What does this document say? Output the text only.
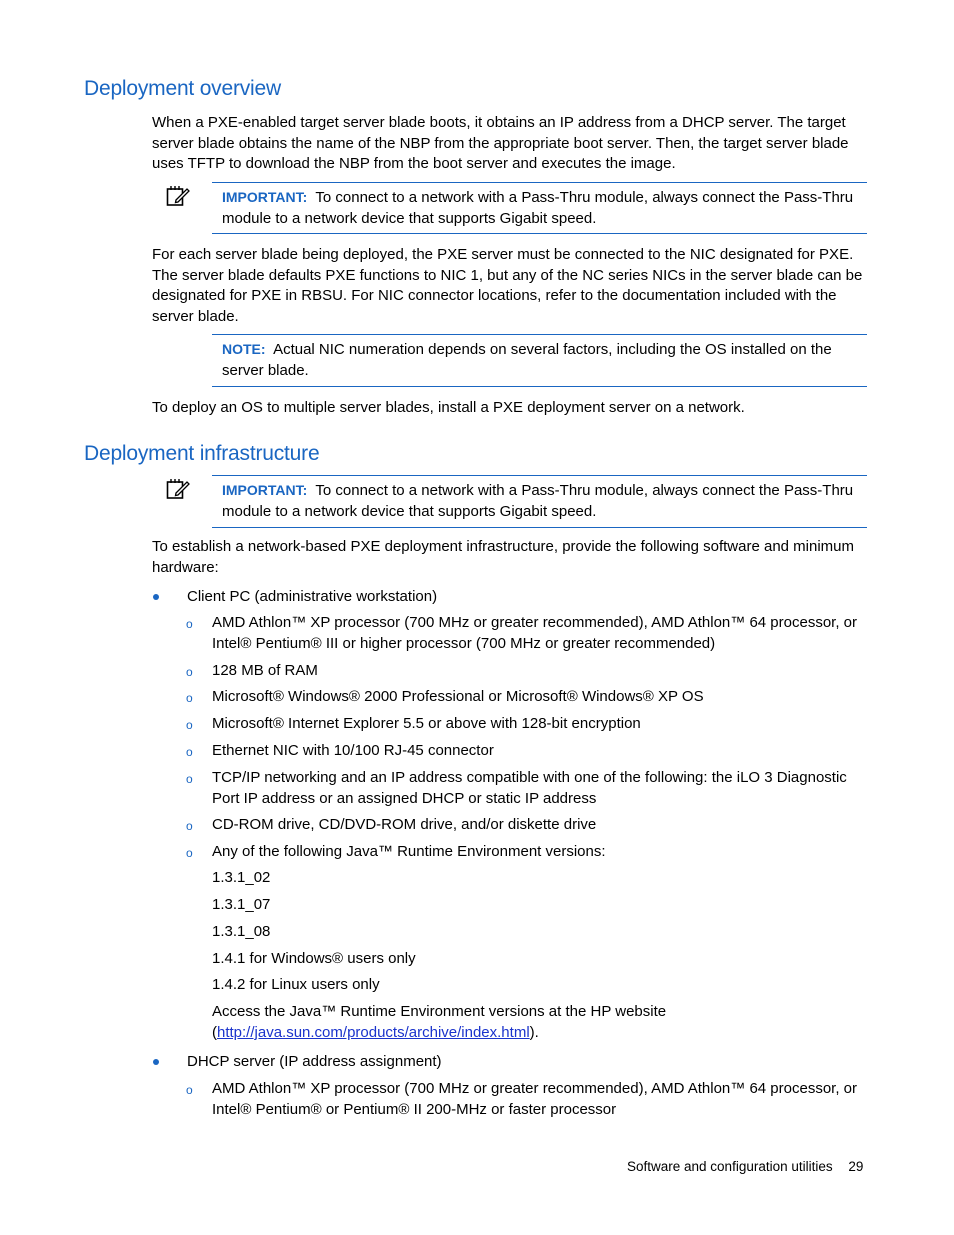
Deployment overview

When a PXE-enabled target server blade boots, it obtains an IP address from a DHCP server. The target server blade obtains the name of the NBP from the appropriate boot server. Then, the target server blade uses TFTP to download the NBP from the boot server and executes the image.

IMPORTANT: To connect to a network with a Pass-Thru module, always connect the Pass-Thru module to a network device that supports Gigabit speed.

For each server blade being deployed, the PXE server must be connected to the NIC designated for PXE. The server blade defaults PXE functions to NIC 1, but any of the NC series NICs in the server blade can be designated for PXE in RBSU. For NIC connector locations, refer to the documentation included with the server blade.

NOTE: Actual NIC numeration depends on several factors, including the OS installed on the server blade.

To deploy an OS to multiple server blades, install a PXE deployment server on a network.

Deployment infrastructure

IMPORTANT: To connect to a network with a Pass-Thru module, always connect the Pass-Thru module to a network device that supports Gigabit speed.

To establish a network-based PXE deployment infrastructure, provide the following software and minimum hardware:

Client PC (administrative workstation)

o AMD Athlon™ XP processor (700 MHz or greater recommended), AMD Athlon™ 64 processor, or Intel® Pentium® III or higher processor (700 MHz or greater recommended)

o 128 MB of RAM

o Microsoft® Windows® 2000 Professional or Microsoft® Windows® XP OS

o Microsoft® Internet Explorer 5.5 or above with 128-bit encryption

o Ethernet NIC with 10/100 RJ-45 connector

o TCP/IP networking and an IP address compatible with one of the following: the iLO 3 Diagnostic Port IP address or an assigned DHCP or static IP address

o CD-ROM drive, CD/DVD-ROM drive, and/or diskette drive

o Any of the following Java™ Runtime Environment versions:

1.3.1_02

1.3.1_07

1.3.1_08

1.4.1 for Windows® users only

1.4.2 for Linux users only

Access the Java™ Runtime Environment versions at the HP website

(http://java.sun.com/products/archive/index.html).

DHCP server (IP address assignment)

o AMD Athlon™ XP processor (700 MHz or greater recommended), AMD Athlon™ 64 processor, or Intel® Pentium® or Pentium® II 200-MHz or faster processor

Software and configuration utilities 29
